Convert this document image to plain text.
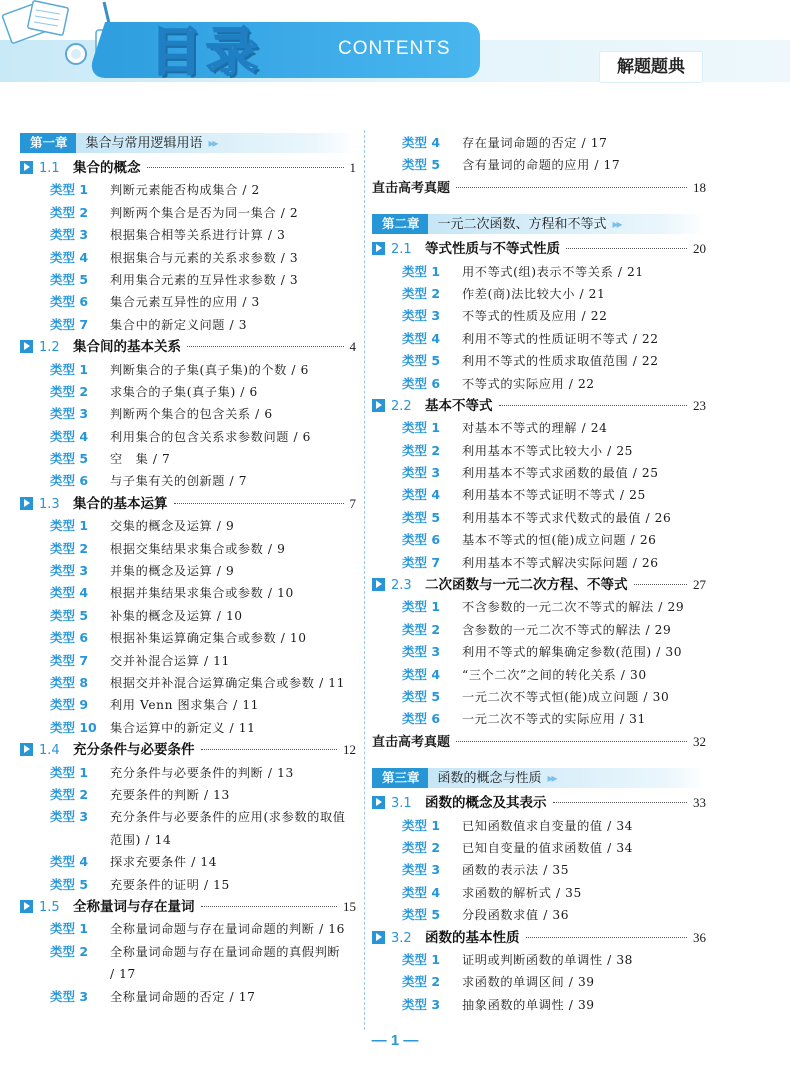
目录	CONTENTS
解题题典
第一章	集合与常用逻辑用语 ▸▸
1.1 集合的概念	1
类型 1	判断元素能否构成集合 / 2
类型 2	判断两个集合是否为同一集合 / 2
类型 3	根据集合相等关系进行计算 / 3
类型 4	根据集合与元素的关系求参数 / 3
类型 5	利用集合元素的互异性求参数 / 3
类型 6	集合元素互异性的应用 / 3
类型 7	集合中的新定义问题 / 3
1.2 集合间的基本关系	4
类型 1	判断集合的子集(真子集)的个数 / 6
类型 2	求集合的子集(真子集) / 6
类型 3	判断两个集合的包含关系 / 6
类型 4	利用集合的包含关系求参数问题 / 6
类型 5	空　集 / 7
类型 6	与子集有关的创新题 / 7
1.3 集合的基本运算	7
类型 1	交集的概念及运算 / 9
类型 2	根据交集结果求集合或参数 / 9
类型 3	并集的概念及运算 / 9
类型 4	根据并集结果求集合或参数 / 10
类型 5	补集的概念及运算 / 10
类型 6	根据补集运算确定集合或参数 / 10
类型 7	交并补混合运算 / 11
类型 8	根据交并补混合运算确定集合或参数 / 11
类型 9	利用 Venn 图求集合 / 11
类型 10	集合运算中的新定义 / 11
1.4 充分条件与必要条件	12
类型 1	充分条件与必要条件的判断 / 13
类型 2	充要条件的判断 / 13
类型 3	充分条件与必要条件的应用(求参数的取值范围) / 14
类型 4	探求充要条件 / 14
类型 5	充要条件的证明 / 15
1.5 全称量词与存在量词	15
类型 1	全称量词命题与存在量词命题的判断 / 16
类型 2	全称量词命题与存在量词命题的真假判断 / 17
类型 3	全称量词命题的否定 / 17
类型 4	存在量词命题的否定 / 17
类型 5	含有量词的命题的应用 / 17
直击高考真题	18
第二章	一元二次函数、方程和不等式 ▸▸
2.1 等式性质与不等式性质	20
类型 1	用不等式(组)表示不等关系 / 21
类型 2	作差(商)法比较大小 / 21
类型 3	不等式的性质及应用 / 22
类型 4	利用不等式的性质证明不等式 / 22
类型 5	利用不等式的性质求取值范围 / 22
类型 6	不等式的实际应用 / 22
2.2 基本不等式	23
类型 1	对基本不等式的理解 / 24
类型 2	利用基本不等式比较大小 / 25
类型 3	利用基本不等式求函数的最值 / 25
类型 4	利用基本不等式证明不等式 / 25
类型 5	利用基本不等式求代数式的最值 / 26
类型 6	基本不等式的恒(能)成立问题 / 26
类型 7	利用基本不等式解决实际问题 / 26
2.3 二次函数与一元二次方程、不等式	27
类型 1	不含参数的一元二次不等式的解法 / 29
类型 2	含参数的一元二次不等式的解法 / 29
类型 3	利用不等式的解集确定参数(范围) / 30
类型 4	“三个二次”之间的转化关系 / 30
类型 5	一元二次不等式恒(能)成立问题 / 30
类型 6	一元二次不等式的实际应用 / 31
直击高考真题	32
第三章	函数的概念与性质 ▸▸
3.1 函数的概念及其表示	33
类型 1	已知函数值求自变量的值 / 34
类型 2	已知自变量的值求函数值 / 34
类型 3	函数的表示法 / 35
类型 4	求函数的解析式 / 35
类型 5	分段函数求值 / 36
3.2 函数的基本性质	36
类型 1	证明或判断函数的单调性 / 38
类型 2	求函数的单调区间 / 39
类型 3	抽象函数的单调性 / 39
— 1 —
